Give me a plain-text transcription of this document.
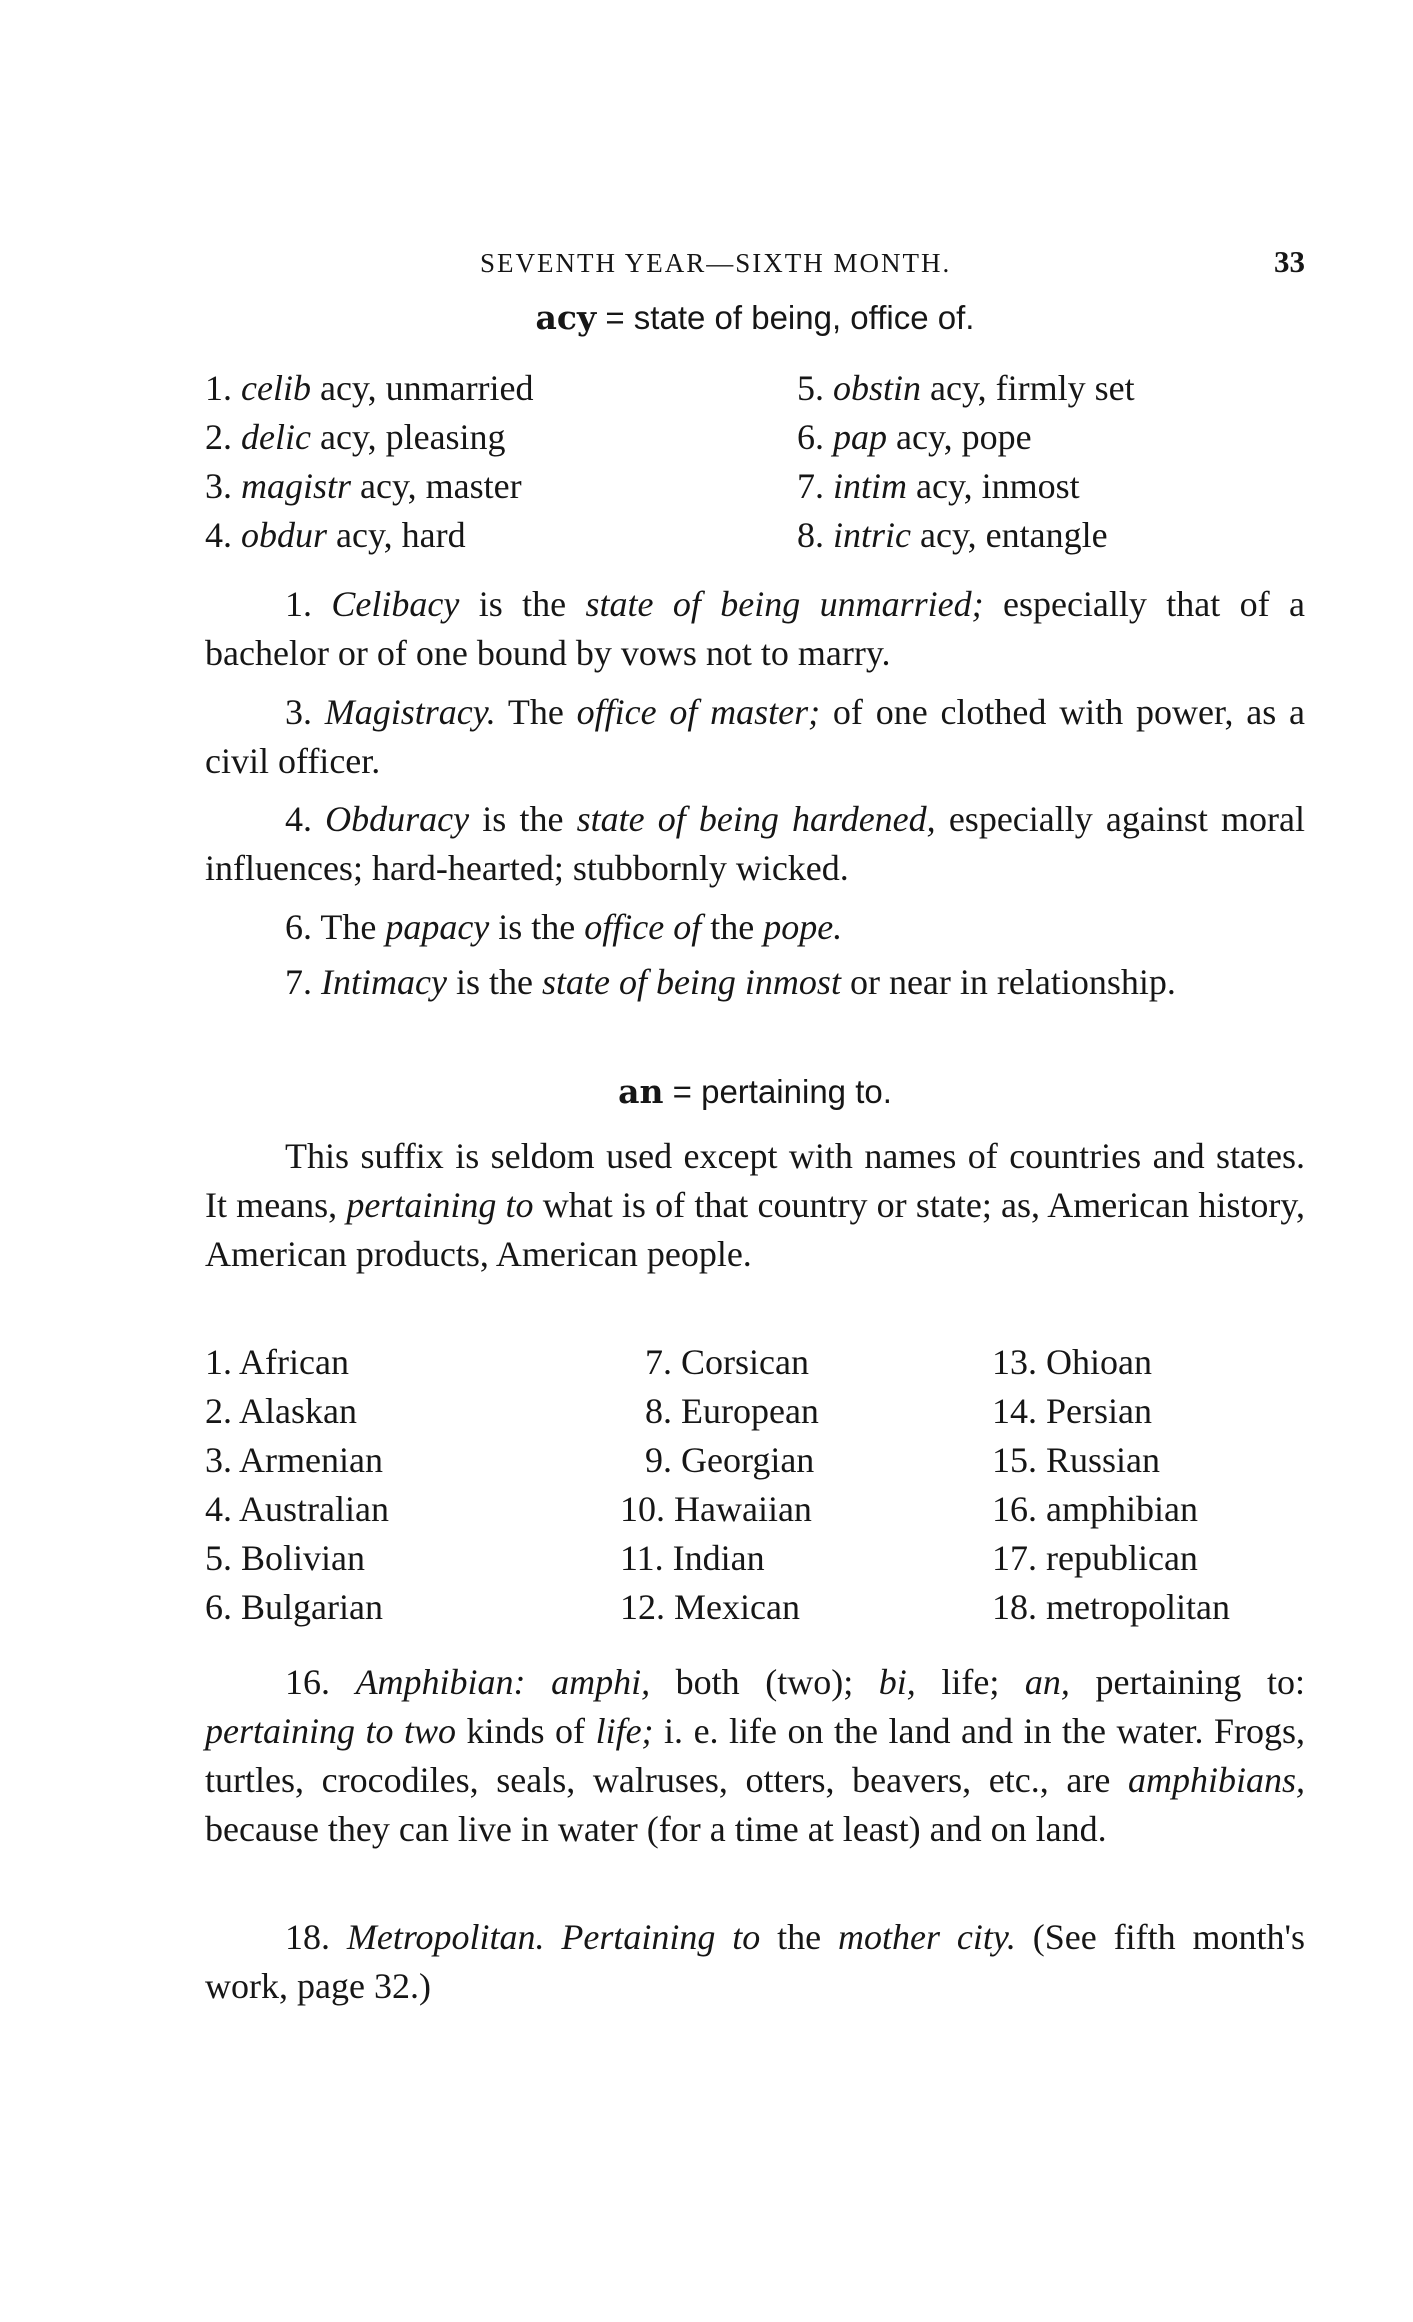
SEVENTH YEAR—SIXTH MONTH.	33
acy = state of being, office of.
1. celib acy, unmarried
2. delic acy, pleasing
3. magistr acy, master
4. obdur acy, hard
5. obstin acy, firmly set
6. pap acy, pope
7. intim acy, inmost
8. intric acy, entangle

1. Celibacy is the state of being unmarried; especially that of a bachelor or of one bound by vows not to marry.

3. Magistracy. The office of master; of one clothed with power, as a civil officer.

4. Obduracy is the state of being hardened, especially against moral influences; hard-hearted; stubbornly wicked.

6. The papacy is the office of the pope.

7. Intimacy is the state of being inmost or near in relationship.

an = pertaining to.

This suffix is seldom used except with names of countries and states. It means, pertaining to what is of that country or state; as, American history, American products, American people.

1. African
2. Alaskan
3. Armenian
4. Australian
5. Bolivian
6. Bulgarian
7. Corsican
8. European
9. Georgian
10. Hawaiian
11. Indian
12. Mexican
13. Ohioan
14. Persian
15. Russian
16. amphibian
17. republican
18. metropolitan

16. Amphibian: amphi, both (two); bi, life; an, pertaining to: pertaining to two kinds of life; i. e. life on the land and in the water. Frogs, turtles, crocodiles, seals, walruses, otters, beavers, etc., are amphibians, because they can live in water (for a time at least) and on land.

18. Metropolitan. Pertaining to the mother city. (See fifth month's work, page 32.)
